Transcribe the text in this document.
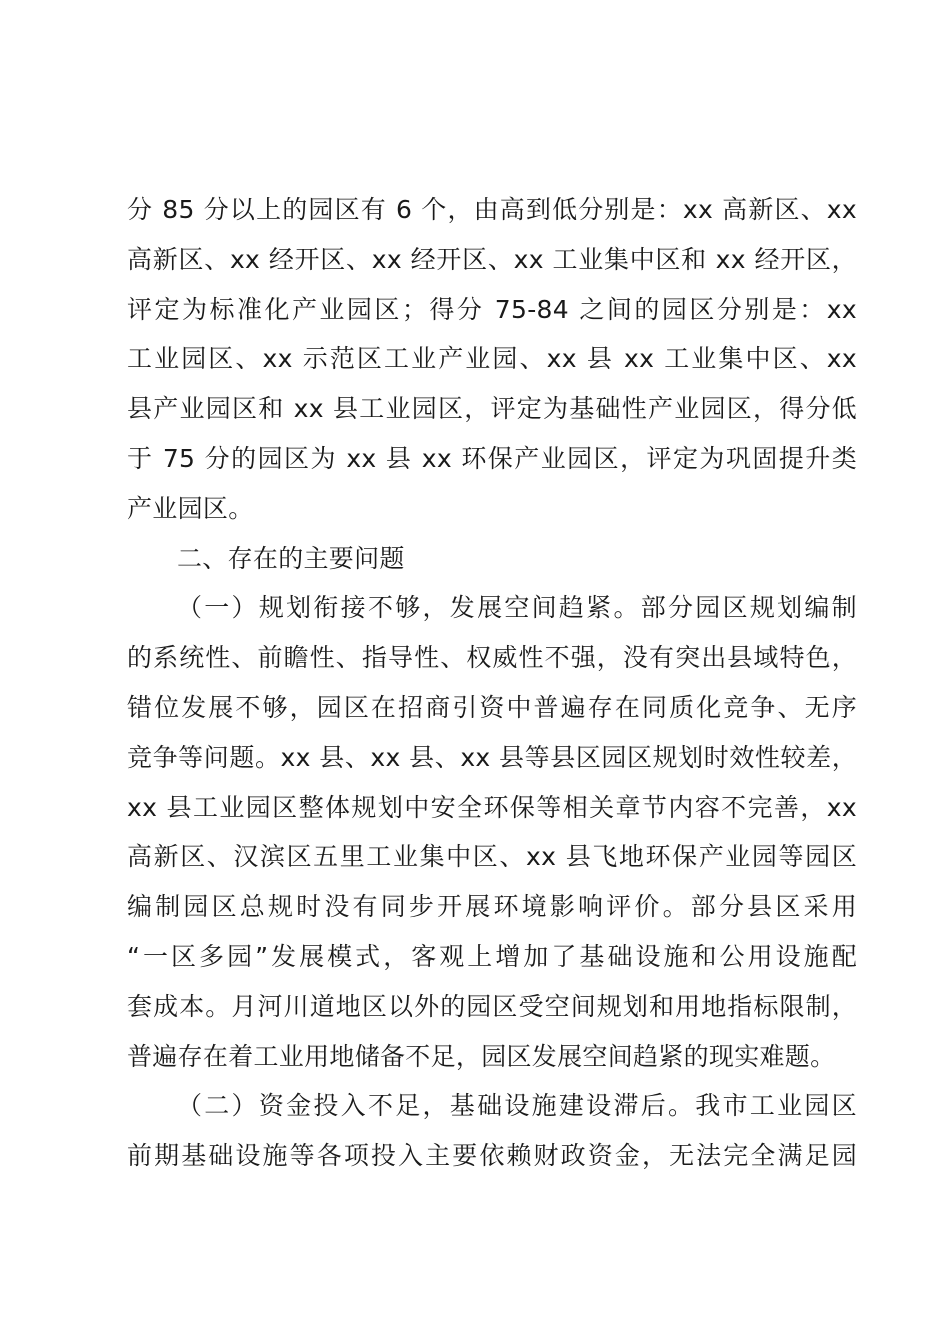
分 85 分以上的园区有 6 个，由高到低分别是：xx 高新区、xx
高新区、xx 经开区、xx 经开区、xx 工业集中区和 xx 经开区，
评定为标准化产业园区；得分 75-84 之间的园区分别是：xx
工业园区、xx 示范区工业产业园、xx 县 xx 工业集中区、xx
县产业园区和 xx 县工业园区，评定为基础性产业园区，得分低
于 75 分的园区为 xx 县 xx 环保产业园区，评定为巩固提升类
产业园区。
二、存在的主要问题
（一）规划衔接不够，发展空间趋紧。部分园区规划编制
的系统性、前瞻性、指导性、权威性不强，没有突出县域特色，
错位发展不够，园区在招商引资中普遍存在同质化竞争、无序
竞争等问题。xx 县、xx 县、xx 县等县区园区规划时效性较差，
xx 县工业园区整体规划中安全环保等相关章节内容不完善，xx
高新区、汉滨区五里工业集中区、xx 县飞地环保产业园等园区
编制园区总规时没有同步开展环境影响评价。部分县区采用
“一区多园”发展模式，客观上增加了基础设施和公用设施配
套成本。月河川道地区以外的园区受空间规划和用地指标限制，
普遍存在着工业用地储备不足，园区发展空间趋紧的现实难题。
（二）资金投入不足，基础设施建设滞后。我市工业园区
前期基础设施等各项投入主要依赖财政资金，无法完全满足园
